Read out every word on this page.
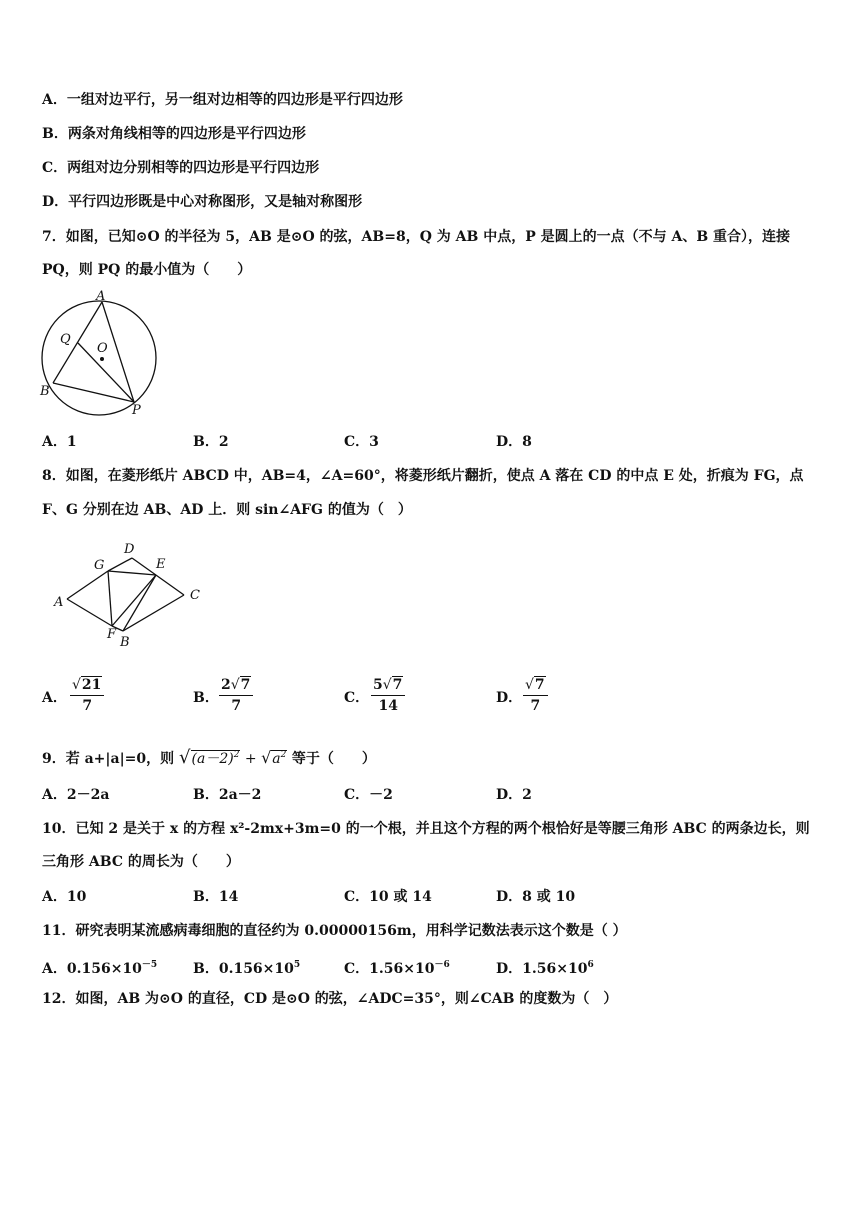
A．一组对边平行，另一组对边相等的四边形是平行四边形
B．两条对角线相等的四边形是平行四边形
C．两组对边分别相等的四边形是平行四边形
D．平行四边形既是中心对称图形，又是轴对称图形
7．如图，已知⊙O 的半径为 5，AB 是⊙O 的弦，AB=8，Q 为 AB 中点，P 是圆上的一点（不与 A、B 重合），连接
PQ，则 PQ 的最小值为（　　）
A
Q
O
B
P
A．1	B．2	C．3	D．8
8．如图，在菱形纸片 ABCD 中，AB=4，∠A=60°，将菱形纸片翻折，使点 A 落在 CD 的中点 E 处，折痕为 FG，点
F、G 分别在边 AB、AD 上．则 sin∠AFG 的值为（　）
D
G	E
A	C
F
B
A． $\frac{√21}{7}$	B． $\frac{2√7}{7}$	C． $\frac{5√7}{14}$	D． $\frac{√7}{7}$
9．若 a+|a|=0，则 $√(a-2)^2 + √a^2$ 等于（　　）
A．2－2a	B．2a－2	C．－2	D．2
10．已知 2 是关于 x 的方程 x²-2mx+3m=0 的一个根，并且这个方程的两个根恰好是等腰三角形 ABC 的两条边长，则
三角形 ABC 的周长为（　　）
A．10	B．14	C．10 或 14	D．8 或 10
11．研究表明某流感病毒细胞的直径约为 0.00000156m，用科学记数法表示这个数是（ ）
A．$0.156\times 10^{-5}$	B．$0.156\times 10^5$	C．$1.56\times 10^{-6}$	D．$1.56\times 10^6$
12．如图，AB 为⊙O 的直径，CD 是⊙O 的弦，∠ADC=35°，则∠CAB 的度数为（　）
